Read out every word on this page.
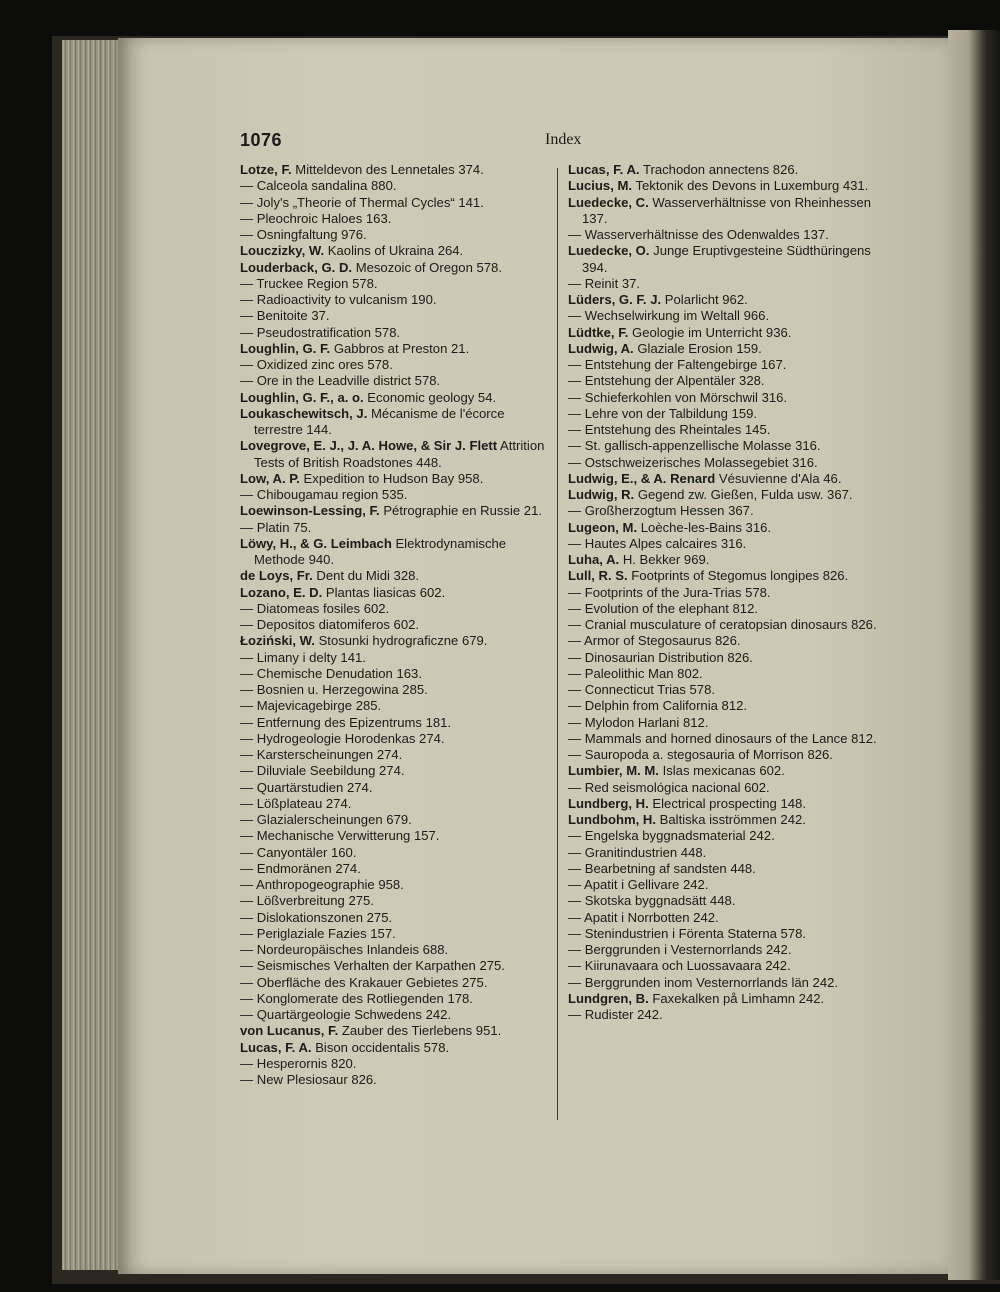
1076	Index
Lotze, F. Mitteldevon des Lennetales 374.
— Calceola sandalina 880.
— Joly's „Theorie of Thermal Cycles“ 141.
— Pleochroic Haloes 163.
— Osningfaltung 976.
Louczizky, W. Kaolins of Ukraina 264.
Louderback, G. D. Mesozoic of Oregon 578.
— Truckee Region 578.
— Radioactivity to vulcanism 190.
— Benitoite 37.
— Pseudostratification 578.
Loughlin, G. F. Gabbros at Preston 21.
— Oxidized zinc ores 578.
— Ore in the Leadville district 578.
Loughlin, G. F., a. o. Economic geology 54.
Loukaschewitsch, J. Mécanisme de l'écorce terrestre 144.
Lovegrove, E. J., J. A. Howe, & Sir J. Flett Attrition Tests of British Roadstones 448.
Low, A. P. Expedition to Hudson Bay 958.
— Chibougamau region 535.
Loewinson-Lessing, F. Pétrographie en Russie 21.
— Platin 75.
Löwy, H., & G. Leimbach Elektrodynamische Methode 940.
de Loys, Fr. Dent du Midi 328.
Lozano, E. D. Plantas liasicas 602.
— Diatomeas fosiles 602.
— Depositos diatomiferos 602.
Łoziński, W. Stosunki hydrograficzne 679.
— Limany i delty 141.
— Chemische Denudation 163.
— Bosnien u. Herzegowina 285.
— Majevicagebirge 285.
— Entfernung des Epizentrums 181.
— Hydrogeologie Horodenkas 274.
— Karsterscheinungen 274.
— Diluviale Seebildung 274.
— Quartärstudien 274.
— Lößplateau 274.
— Glazialerscheinungen 679.
— Mechanische Verwitterung 157.
— Canyontäler 160.
— Endmoränen 274.
— Anthropogeographie 958.
— Lößverbreitung 275.
— Dislokationszonen 275.
— Periglaziale Fazies 157.
— Nordeuropäisches Inlandeis 688.
— Seismisches Verhalten der Karpathen 275.
— Oberfläche des Krakauer Gebietes 275.
— Konglomerate des Rotliegenden 178.
— Quartärgeologie Schwedens 242.
von Lucanus, F. Zauber des Tierlebens 951.
Lucas, F. A. Bison occidentalis 578.
— Hesperornis 820.
— New Plesiosaur 826.
Lucas, F. A. Trachodon annectens 826.
Lucius, M. Tektonik des Devons in Luxemburg 431.
Luedecke, C. Wasserverhältnisse von Rheinhessen 137.
— Wasserverhältnisse des Odenwaldes 137.
Luedecke, O. Junge Eruptivgesteine Südthüringens 394.
— Reinit 37.
Lüders, G. F. J. Polarlicht 962.
— Wechselwirkung im Weltall 966.
Lüdtke, F. Geologie im Unterricht 936.
Ludwig, A. Glaziale Erosion 159.
— Entstehung der Faltengebirge 167.
— Entstehung der Alpentäler 328.
— Schieferkohlen von Mörschwil 316.
— Lehre von der Talbildung 159.
— Entstehung des Rheintales 145.
— St. gallisch-appenzellische Molasse 316.
— Ostschweizerisches Molassegebiet 316.
Ludwig, E., & A. Renard Vésuvienne d'Ala 46.
Ludwig, R. Gegend zw. Gießen, Fulda usw. 367.
— Großherzogtum Hessen 367.
Lugeon, M. Loèche-les-Bains 316.
— Hautes Alpes calcaires 316.
Luha, A. H. Bekker 969.
Lull, R. S. Footprints of Stegomus longipes 826.
— Footprints of the Jura-Trias 578.
— Evolution of the elephant 812.
— Cranial musculature of ceratopsian dinosaurs 826.
— Armor of Stegosaurus 826.
— Dinosaurian Distribution 826.
— Paleolithic Man 802.
— Connecticut Trias 578.
— Delphin from California 812.
— Mylodon Harlani 812.
— Mammals and horned dinosaurs of the Lance 812.
— Sauropoda a. stegosauria of Morrison 826.
Lumbier, M. M. Islas mexicanas 602.
— Red seismológica nacional 602.
Lundberg, H. Electrical prospecting 148.
Lundbohm, H. Baltiska isströmmen 242.
— Engelska byggnadsmaterial 242.
— Granitindustrien 448.
— Bearbetning af sandsten 448.
— Apatit i Gellivare 242.
— Skotska byggnadsätt 448.
— Apatit i Norrbotten 242.
— Stenindustrien i Förenta Staterna 578.
— Berggrunden i Vesternorrlands 242.
— Kiirunavaara och Luossavaara 242.
— Berggrunden inom Vesternorrlands län 242.
Lundgren, B. Faxekalken på Limhamn 242.
— Rudister 242.
